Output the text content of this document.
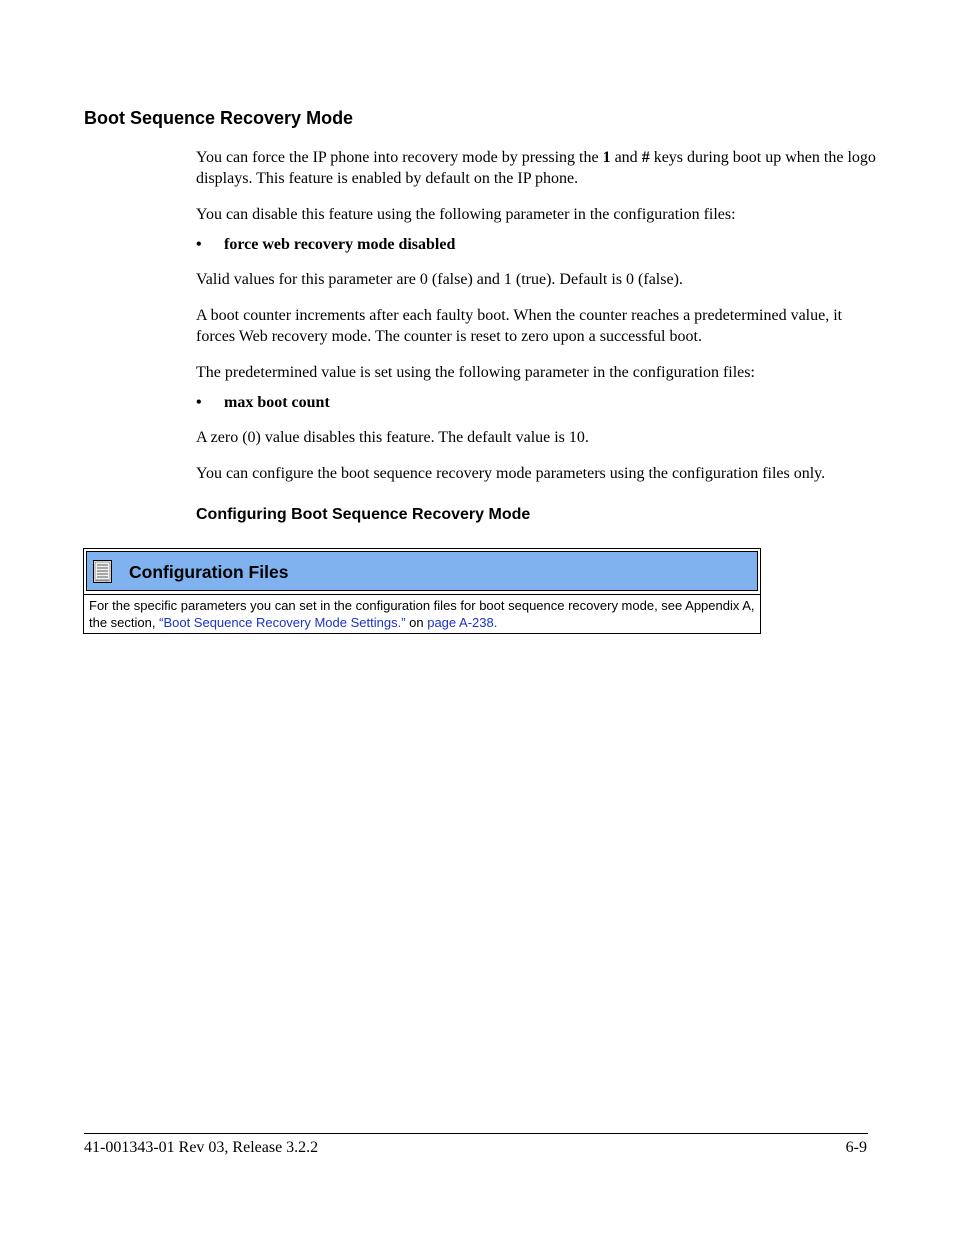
Boot Sequence Recovery Mode

You can force the IP phone into recovery mode by pressing the 1 and # keys during boot up when the logo displays. This feature is enabled by default on the IP phone.

You can disable this feature using the following parameter in the configuration files:

• force web recovery mode disabled

Valid values for this parameter are 0 (false) and 1 (true). Default is 0 (false).

A boot counter increments after each faulty boot. When the counter reaches a predetermined value, it forces Web recovery mode. The counter is reset to zero upon a successful boot.

The predetermined value is set using the following parameter in the configuration files:

• max boot count

A zero (0) value disables this feature. The default value is 10.

You can configure the boot sequence recovery mode parameters using the configuration files only.

Configuring Boot Sequence Recovery Mode
Configuration Files
For the specific parameters you can set in the configuration files for boot sequence recovery mode, see Appendix A, the section, “Boot Sequence Recovery Mode Settings.” on page A-238.
41-001343-01 Rev 03, Release 3.2.2	6-9
